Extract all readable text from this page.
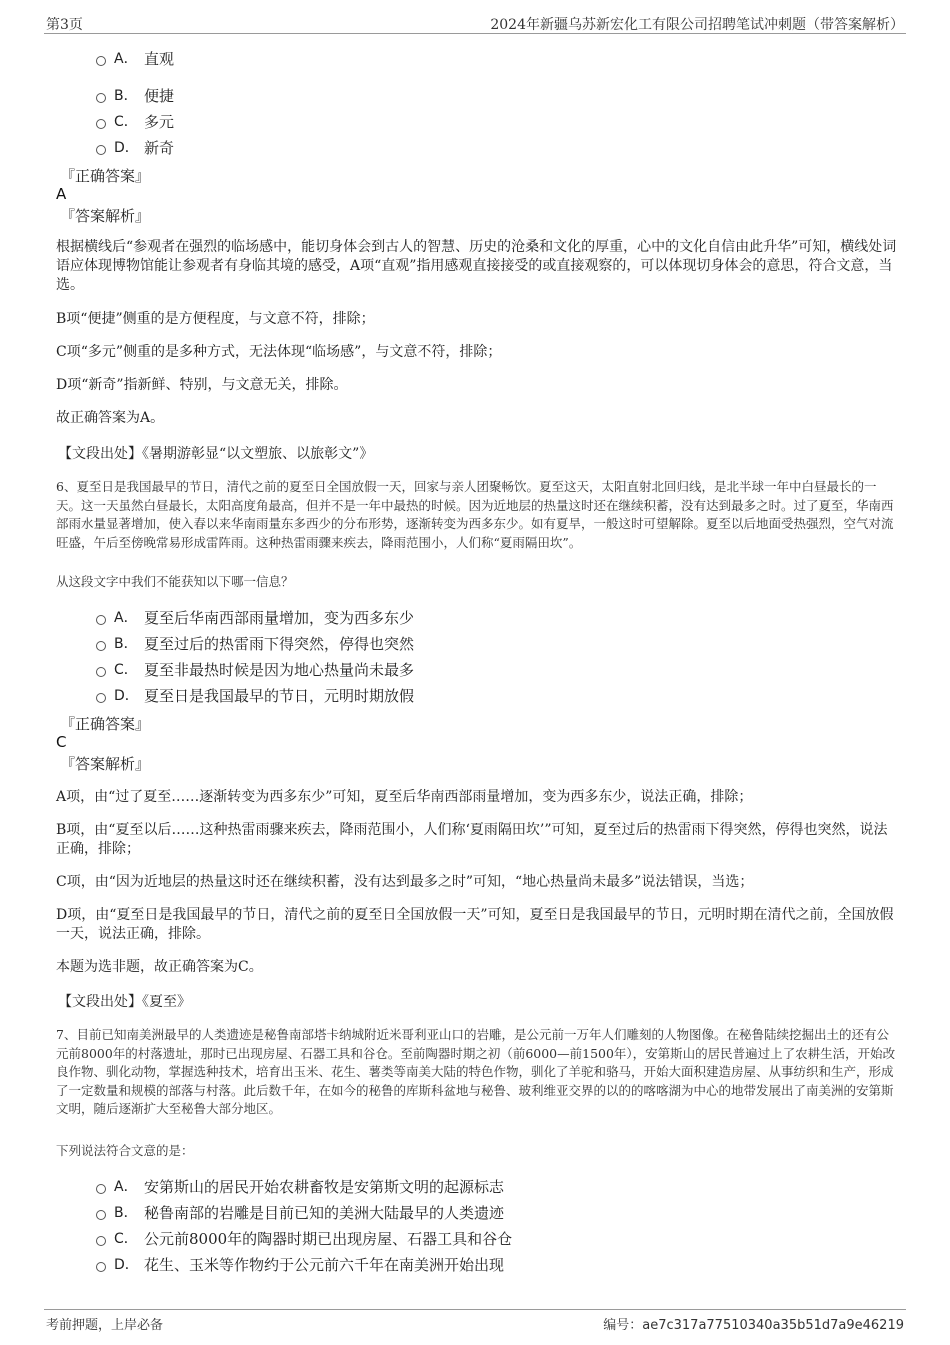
第3页	2024年新疆乌苏新宏化工有限公司招聘笔试冲刺题（带答案解析）
A． 直观
B． 便捷
C． 多元
D． 新奇
『正确答案』
A
『答案解析』
根据横线后“参观者在强烈的临场感中，能切身体会到古人的智慧、历史的沧桑和文化的厚重，心中的文化自信由此升华”可知，横线处词语应体现博物馆能让参观者有身临其境的感受，A项“直观”指用感观直接接受的或直接观察的，可以体现切身体会的意思，符合文意，当选。
B项“便捷”侧重的是方便程度，与文意不符，排除；
C项“多元”侧重的是多种方式，无法体现“临场感”，与文意不符，排除；
D项“新奇”指新鲜、特别，与文意无关，排除。
故正确答案为A。
【文段出处】《暑期游彰显“以文塑旅、以旅彰文”》
6、夏至日是我国最早的节日，清代之前的夏至日全国放假一天，回家与亲人团聚畅饮。夏至这天，太阳直射北回归线，是北半球一年中白昼最长的一天。这一天虽然白昼最长，太阳高度角最高，但并不是一年中最热的时候。因为近地层的热量这时还在继续积蓄，没有达到最多之时。过了夏至，华南西部雨水量显著增加，使入春以来华南雨量东多西少的分布形势，逐渐转变为西多东少。如有夏旱，一般这时可望解除。夏至以后地面受热强烈，空气对流旺盛，午后至傍晚常易形成雷阵雨。这种热雷雨骤来疾去，降雨范围小，人们称“夏雨隔田坎”。
从这段文字中我们不能获知以下哪一信息？
A． 夏至后华南西部雨量增加，变为西多东少
B． 夏至过后的热雷雨下得突然，停得也突然
C． 夏至非最热时候是因为地心热量尚未最多
D． 夏至日是我国最早的节日，元明时期放假
『正确答案』
C
『答案解析』
A项，由“过了夏至……逐渐转变为西多东少”可知，夏至后华南西部雨量增加，变为西多东少，说法正确，排除；
B项，由“夏至以后……这种热雷雨骤来疾去，降雨范围小，人们称‘夏雨隔田坎’”可知，夏至过后的热雷雨下得突然，停得也突然，说法正确，排除；
C项，由“因为近地层的热量这时还在继续积蓄，没有达到最多之时”可知，“地心热量尚未最多”说法错误，当选；
D项，由“夏至日是我国最早的节日，清代之前的夏至日全国放假一天”可知，夏至日是我国最早的节日，元明时期在清代之前，全国放假一天，说法正确，排除。
本题为选非题，故正确答案为C。
【文段出处】《夏至》
7、目前已知南美洲最早的人类遗迹是秘鲁南部塔卡纳城附近米哥利亚山口的岩雕，是公元前一万年人们雕刻的人物图像。在秘鲁陆续挖掘出土的还有公元前8000年的村落遗址，那时已出现房屋、石器工具和谷仓。至前陶器时期之初（前6000—前1500年），安第斯山的居民普遍过上了农耕生活，开始改良作物、驯化动物，掌握选种技术，培育出玉米、花生、薯类等南美大陆的特色作物，驯化了羊驼和骆马，开始大面积建造房屋、从事纺织和生产，形成了一定数量和规模的部落与村落。此后数千年，在如今的秘鲁的库斯科盆地与秘鲁、玻利维亚交界的以的的喀喀湖为中心的地带发展出了南美洲的安第斯文明，随后逐渐扩大至秘鲁大部分地区。
下列说法符合文意的是：
A． 安第斯山的居民开始农耕畜牧是安第斯文明的起源标志
B． 秘鲁南部的岩雕是目前已知的美洲大陆最早的人类遗迹
C． 公元前8000年的陶器时期已出现房屋、石器工具和谷仓
D． 花生、玉米等作物约于公元前六千年在南美洲开始出现
考前押题，上岸必备	编号：ae7c317a77510340a35b51d7a9e46219
